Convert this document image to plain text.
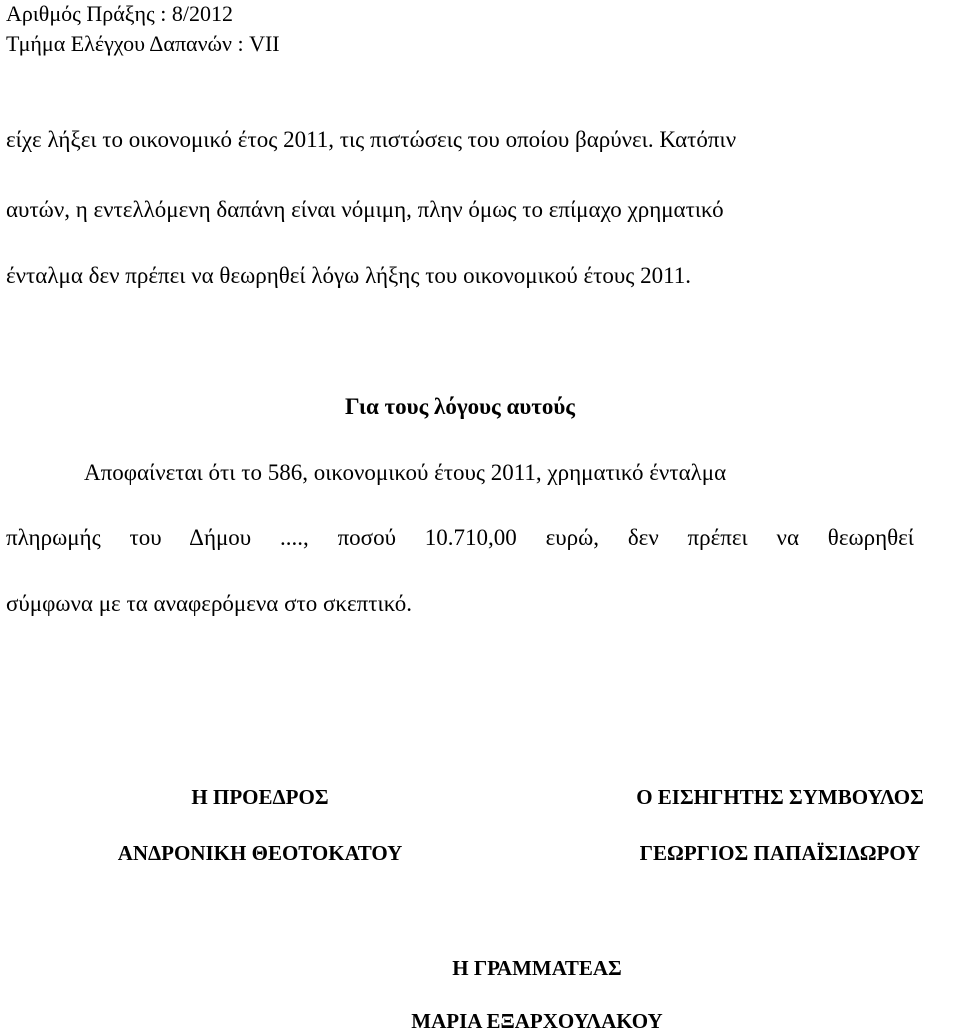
Αριθμός Πράξης : 8/2012
Τμήμα Ελέγχου Δαπανών : VII
είχε λήξει το οικονομικό έτος 2011, τις πιστώσεις του οποίου βαρύνει. Κατόπιν
αυτών, η εντελλόμενη δαπάνη είναι νόμιμη, πλην όμως το επίμαχο χρηματικό
ένταλμα δεν πρέπει να θεωρηθεί λόγω λήξης του οικονομικού έτους 2011.
Για τους λόγους αυτούς
Αποφαίνεται ότι το 586, οικονομικού έτους 2011, χρηματικό ένταλμα
πληρωμής του Δήμου ...., ποσού 10.710,00 ευρώ, δεν πρέπει να θεωρηθεί
σύμφωνα με τα αναφερόμενα στο σκεπτικό.
Η ΠΡΟΕΔΡΟΣ
ΑΝΔΡΟΝΙΚΗ ΘΕΟΤΟΚΑΤΟΥ
Ο ΕΙΣΗΓΗΤΗΣ ΣΥΜΒΟΥΛΟΣ
ΓΕΩΡΓΙΟΣ ΠΑΠΑΪΣΙΔΩΡΟΥ
Η ΓΡΑΜΜΑΤΕΑΣ
ΜΑΡΙΑ ΕΞΑΡΧΟΥΛΑΚΟΥ
